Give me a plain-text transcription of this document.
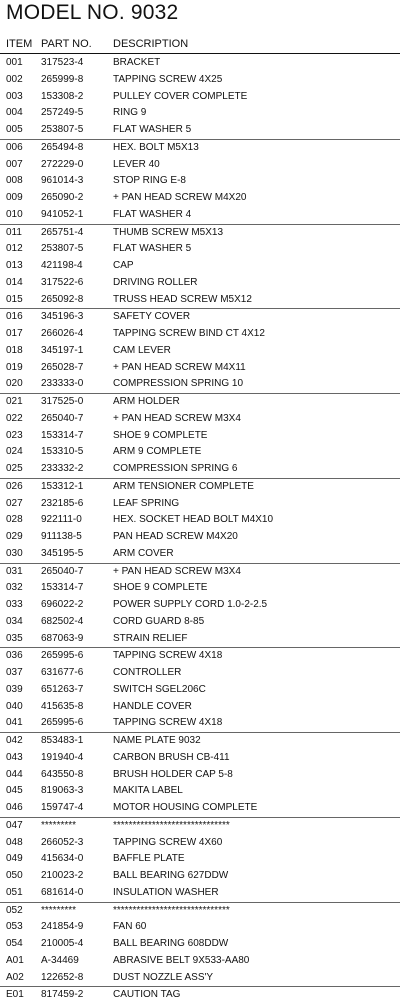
MODEL NO. 9032
ITEM PART NO. DESCRIPTION
001 317523-4	BRACKET
002 265999-8	TAPPING SCREW 4X25
003 153308-2	PULLEY COVER COMPLETE
004 257249-5	RING 9
005 253807-5	FLAT WASHER 5
006 265494-8	HEX. BOLT M5X13
007 272229-0	LEVER 40
008 961014-3	STOP RING E-8
009 265090-2	+ PAN HEAD SCREW M4X20
010 941052-1	FLAT WASHER 4
011 265751-4	THUMB SCREW M5X13
012 253807-5	FLAT WASHER 5
013 421198-4	CAP
014 317522-6	DRIVING ROLLER
015 265092-8	TRUSS HEAD SCREW M5X12
016 345196-3	SAFETY COVER
017 266026-4	TAPPING SCREW BIND CT 4X12
018 345197-1	CAM LEVER
019 265028-7	+ PAN HEAD SCREW M4X11
020 233333-0	COMPRESSION SPRING 10
021 317525-0	ARM HOLDER
022 265040-7	+ PAN HEAD SCREW M3X4
023 153314-7	SHOE 9 COMPLETE
024 153310-5	ARM 9 COMPLETE
025 233332-2	COMPRESSION SPRING 6
026 153312-1	ARM TENSIONER COMPLETE
027 232185-6	LEAF SPRING
028 922111-0	HEX. SOCKET HEAD BOLT M4X10
029 911138-5	PAN HEAD SCREW M4X20
030 345195-5	ARM COVER
031 265040-7	+ PAN HEAD SCREW M3X4
032 153314-7	SHOE 9 COMPLETE
033 696022-2	POWER SUPPLY CORD 1.0-2-2.5
034 682502-4	CORD GUARD 8-85
035 687063-9	STRAIN RELIEF
036 265995-6	TAPPING SCREW 4X18
037 631677-6	CONTROLLER
039 651263-7	SWITCH SGEL206C
040 415635-8	HANDLE COVER
041 265995-6	TAPPING SCREW 4X18
042 853483-1	NAME PLATE 9032
043 191940-4	CARBON BRUSH CB-411
044 643550-8	BRUSH HOLDER CAP 5-8
045 819063-3	MAKITA LABEL
046 159747-4	MOTOR HOUSING COMPLETE
047 *********	******************************
048 266052-3	TAPPING SCREW 4X60
049 415634-0	BAFFLE PLATE
050 210023-2	BALL BEARING 627DDW
051 681614-0	INSULATION WASHER
052 *********	******************************
053 241854-9	FAN 60
054 210005-4	BALL BEARING 608DDW
A01 A-34469	ABRASIVE BELT 9X533-AA80
A02 122652-8	DUST NOZZLE ASS'Y
E01 817459-2	CAUTION TAG
